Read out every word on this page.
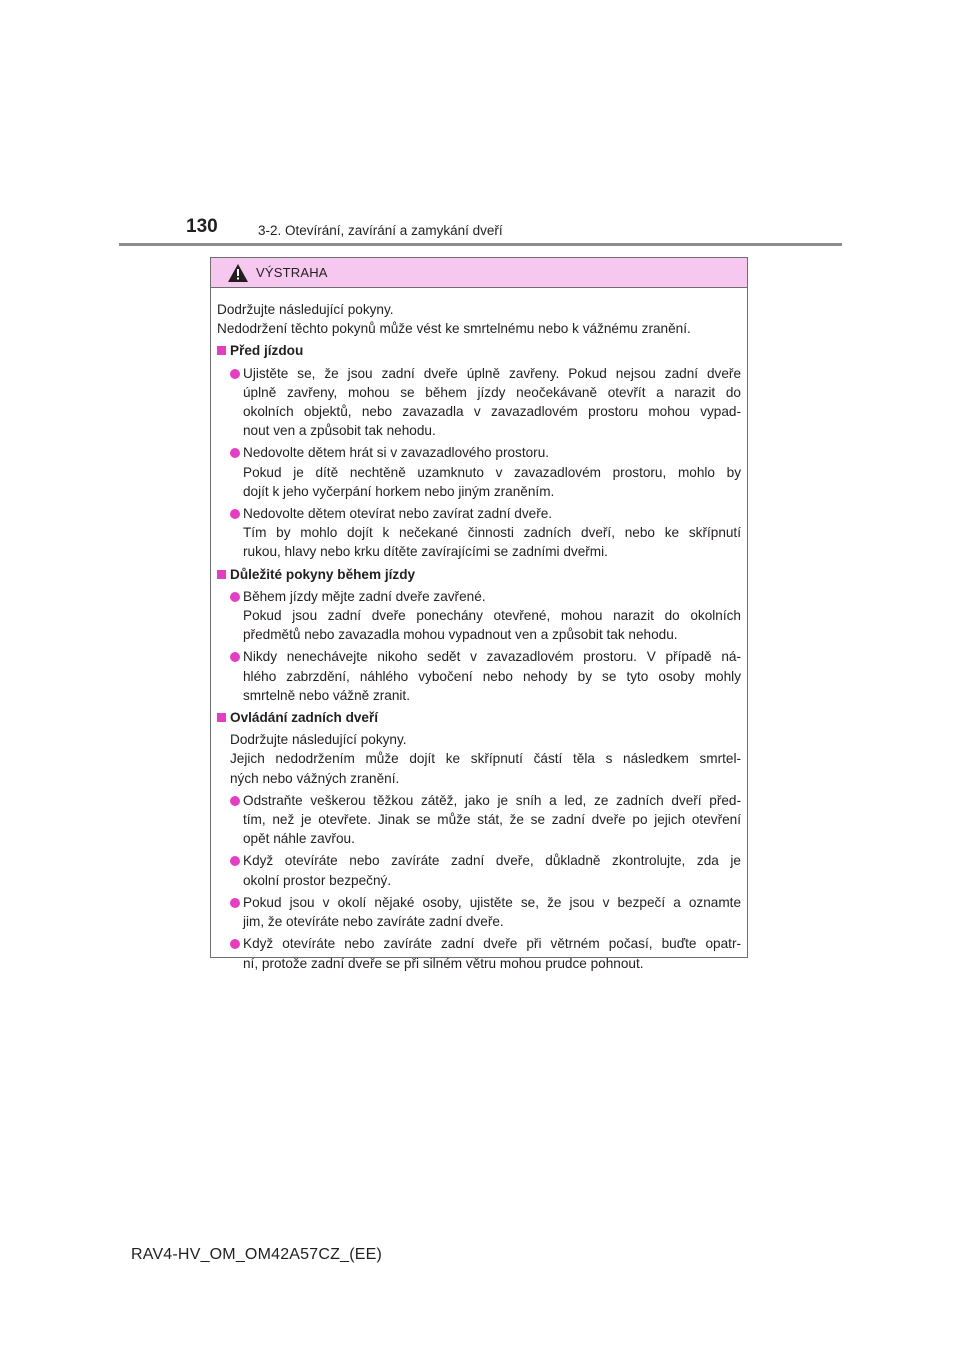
130	3-2. Otevírání, zavírání a zamykání dveří
VÝSTRAHA
Dodržujte následující pokyny.
Nedodržení těchto pokynů může vést ke smrtelnému nebo k vážnému zranění.
Před jízdou
Ujistěte se, že jsou zadní dveře úplně zavřeny. Pokud nejsou zadní dveře
úplně zavřeny, mohou se během jízdy neočekávaně otevřít a narazit do
okolních objektů, nebo zavazadla v zavazadlovém prostoru mohou vypad-
nout ven a způsobit tak nehodu.
Nedovolte dětem hrát si v zavazadlového prostoru.
Pokud je dítě nechtěně uzamknuto v zavazadlovém prostoru, mohlo by
dojít k jeho vyčerpání horkem nebo jiným zraněním.
Nedovolte dětem otevírat nebo zavírat zadní dveře.
Tím by mohlo dojít k nečekané činnosti zadních dveří, nebo ke skřípnutí
rukou, hlavy nebo krku dítěte zavírajícími se zadními dveřmi.
Důležité pokyny během jízdy
Během jízdy mějte zadní dveře zavřené.
Pokud jsou zadní dveře ponechány otevřené, mohou narazit do okolních
předmětů nebo zavazadla mohou vypadnout ven a způsobit tak nehodu.
Nikdy nenechávejte nikoho sedět v zavazadlovém prostoru. V případě ná-
hlého zabrzdění, náhlého vybočení nebo nehody by se tyto osoby mohly
smrtelně nebo vážně zranit.
Ovládání zadních dveří
Dodržujte následující pokyny.
Jejich nedodržením může dojít ke skřípnutí částí těla s následkem smrtel-
ných nebo vážných zranění.
Odstraňte veškerou těžkou zátěž, jako je sníh a led, ze zadních dveří před-
tím, než je otevřete. Jinak se může stát, že se zadní dveře po jejich otevření
opět náhle zavřou.
Když otevíráte nebo zavíráte zadní dveře, důkladně zkontrolujte, zda je
okolní prostor bezpečný.
Pokud jsou v okolí nějaké osoby, ujistěte se, že jsou v bezpečí a oznamte
jim, že otevíráte nebo zavíráte zadní dveře.
Když otevíráte nebo zavíráte zadní dveře při větrném počasí, buďte opatr-
ní, protože zadní dveře se při silném větru mohou prudce pohnout.
RAV4-HV_OM_OM42A57CZ_(EE)
